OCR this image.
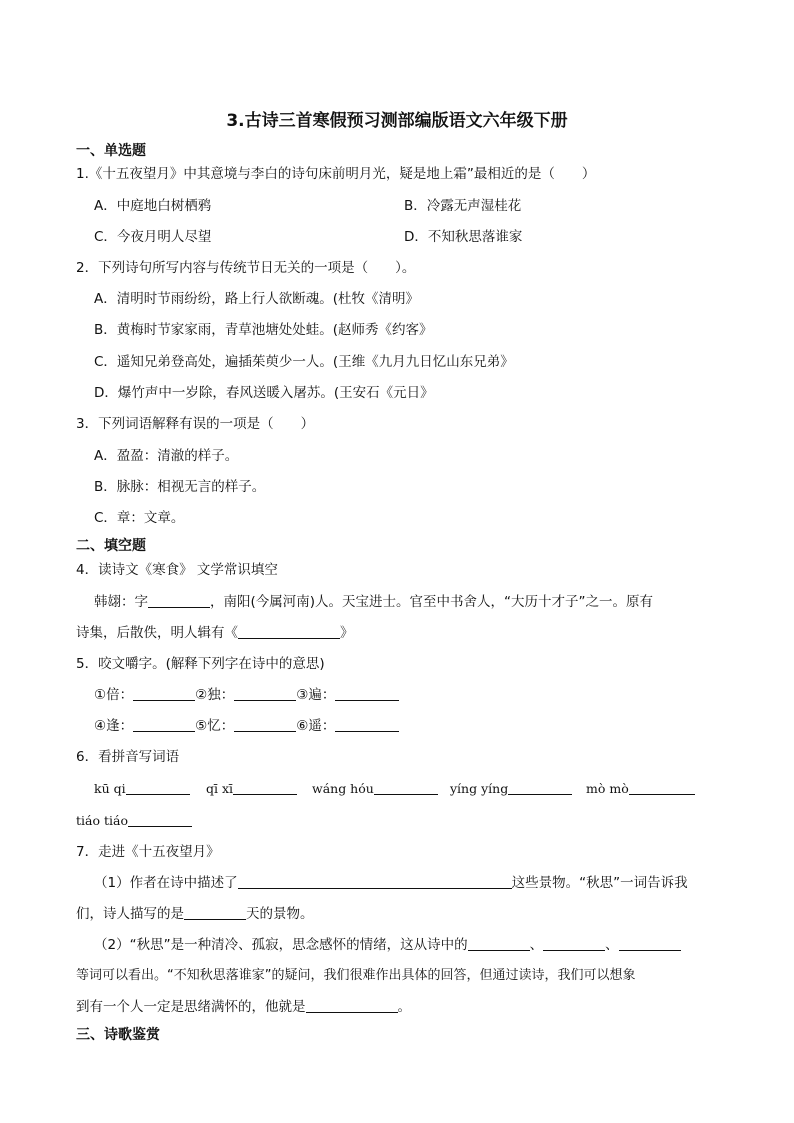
3.古诗三首寒假预习测部编版语文六年级下册
一、单选题
1.《十五夜望月》中其意境与李白的诗句床前明月光，疑是地上霜”最相近的是（　　）
A．中庭地白树栖鸦	B．冷露无声湿桂花
C．今夜月明人尽望	D．不知秋思落谁家
2．下列诗句所写内容与传统节日无关的一项是（　　）。
A．清明时节雨纷纷，路上行人欲断魂。(杜牧《清明》
B．黄梅时节家家雨，青草池塘处处蛙。(赵师秀《约客》
C．遥知兄弟登高处，遍插茱萸少一人。(王维《九月九日忆山东兄弟》
D．爆竹声中一岁除，春风送暖入屠苏。(王安石《元日》
3．下列词语解释有误的一项是（　　）
A．盈盈：清澈的样子。
B．脉脉：相视无言的样子。
C．章：文章。
二、填空题
4．读诗文《寒食》 文学常识填空
韩翃：字	，南阳(今属河南)人。天宝进士。官至中书舍人，“大历十才子”之一。原有
诗集，后散佚，明人辑有《	》
5．咬文嚼字。(解释下列字在诗中的意思)
①倍：	②独：	③遍：
④逢：	⑤忆：	⑥遥：
6．看拼音写词语
kū qi	qī xī	wáng hóu	yíng yíng	mò mò
tiáo tiáo
7．走进《十五夜望月》
（1）作者在诗中描述了	这些景物。“秋思”一词告诉我
们，诗人描写的是	天的景物。
（2）“秋思”是一种清冷、孤寂，思念感怀的情绪，这从诗中的	、	、
等词可以看出。“不知秋思落谁家”的疑问，我们很难作出具体的回答，但通过读诗，我们可以想象
到有一个人一定是思绪满怀的，他就是	。
三、诗歌鉴赏
